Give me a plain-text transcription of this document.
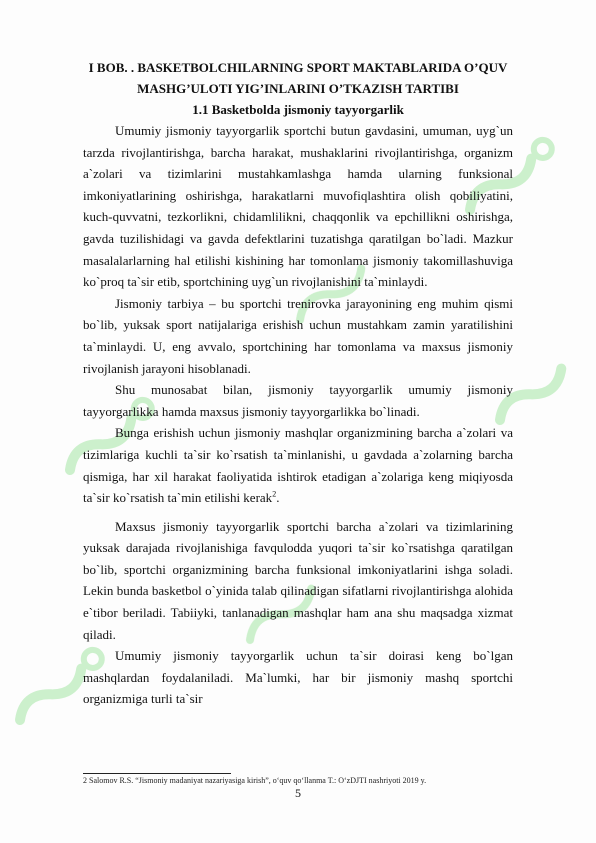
I BOB. . BASKETBOLCHILARNING SPORT MAKTABLARIDA O’QUV MASHG’ULOTI YIG’INLARINI O’TKAZISH TARTIBI

1.1 Basketbolda jismoniy tayyorgarlik

Umumiy jismoniy tayyorgarlik sportchi butun gavdasini, umuman, uyg`un tarzda rivojlantirishga, barcha harakat, mushaklarini rivojlantirishga, organizm a`zolari va tizimlarini mustahkamlashga hamda ularning funksional imkoniyatlarining oshirishga, harakatlarni muvofiqlashtira olish qobiliyatini, kuch-quvvatni, tezkorlikni, chidamlilikni, chaqqonlik va epchillikni oshirishga, gavda tuzilishidagi va gavda defektlarini tuzatishga qaratilgan bo`ladi. Mazkur masalalarlarning hal etilishi kishining har tomonlama jismoniy takomillashuviga ko`proq ta`sir etib, sportchining uyg`un rivojlanishini ta`minlaydi.

Jismoniy tarbiya – bu sportchi trenirovka jarayonining eng muhim qismi bo`lib, yuksak sport natijalariga erishish uchun mustahkam zamin yaratilishini ta`minlaydi. U, eng avvalo, sportchining har tomonlama va maxsus jismoniy rivojlanish jarayoni hisoblanadi.

Shu munosabat bilan, jismoniy tayyorgarlik umumiy jismoniy tayyorgarlikka hamda maxsus jismoniy tayyorgarlikka bo`linadi.

Bunga erishish uchun jismoniy mashqlar organizmining barcha a`zolari va tizimlariga kuchli ta`sir ko`rsatish ta`minlanishi, u gavdada a`zolarning barcha qismiga, har xil harakat faoliyatida ishtirok etadigan a`zolariga keng miqiyosda ta`sir ko`rsatish ta`min etilishi kerak$^2$.

Maxsus jismoniy tayyorgarlik sportchi barcha a`zolari va tizimlarining yuksak darajada rivojlanishiga favqulodda yuqori ta`sir ko`rsatishga qaratilgan bo`lib, sportchi organizmining barcha funksional imkoniyatlarini ishga soladi. Lekin bunda basketbol o`yinida talab qilinadigan sifatlarni rivojlantirishga alohida e`tibor beriladi. Tabiiyki, tanlanadigan mashqlar ham ana shu maqsadga xizmat qiladi.

Umumiy jismoniy tayyorgarlik uchun ta`sir doirasi keng bo`lgan mashqlardan foydalaniladi. Ma`lumki, har bir jismoniy mashq sportchi organizmiga turli ta`sir

2 Salomov R.S. “Jismoniy madaniyat nazariyasiga kirish”, o‘quv qo‘llanma T.: O‘zDJTI nashriyoti 2019 y.
5
